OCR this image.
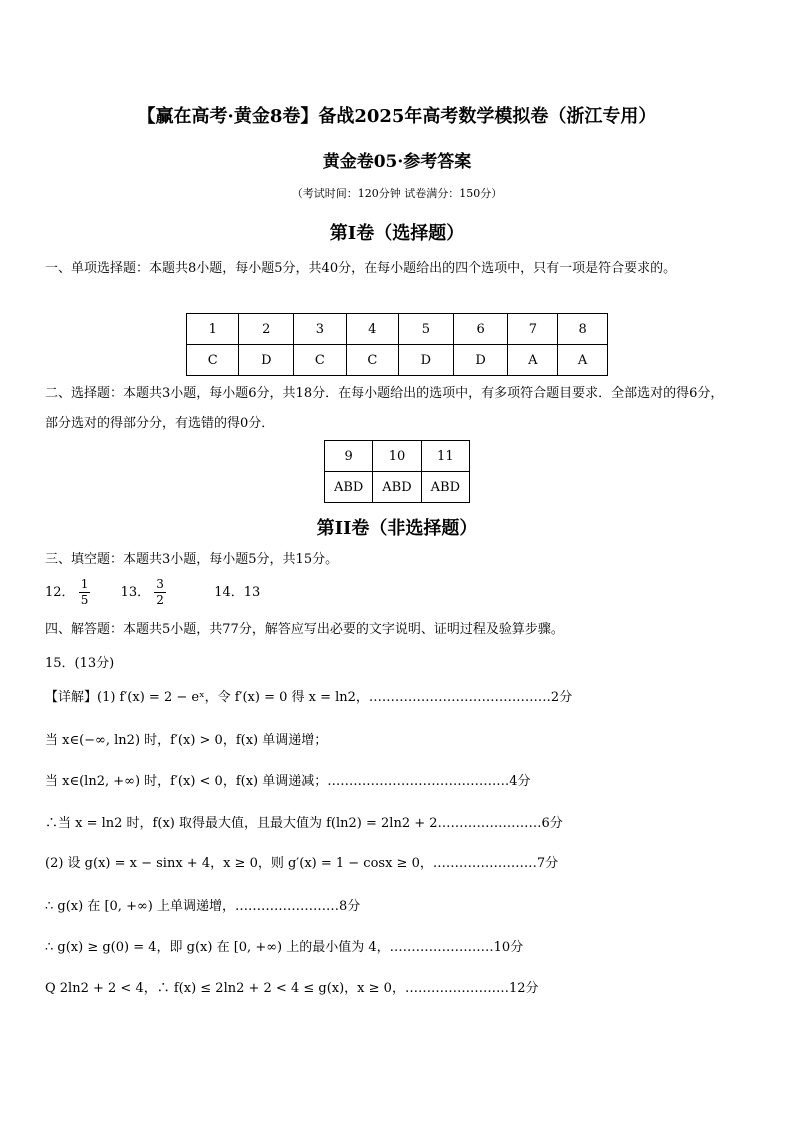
【赢在高考·黄金8卷】备战2025年高考数学模拟卷（浙江专用）
黄金卷05·参考答案
（考试时间：120分钟 试卷满分：150分）
第I卷（选择题）
一、单项选择题：本题共8小题，每小题5分，共40分，在每小题给出的四个选项中，只有一项是符合要求的。
1	2	3	4	5	6	7	8
C	D	C	C	D	D	A	A
二、选择题：本题共3小题，每小题6分，共18分．在每小题给出的选项中，有多项符合题目要求．全部选对的得6分，部分选对的得部分分，有选错的得0分．
9	10	11
ABD	ABD	ABD
第II卷（非选择题）
三、填空题：本题共3小题，每小题5分，共15分。
12． $\frac{1}{5} 13$． $\frac{3}{2}$	14．13
四、解答题：本题共5小题，共77分，解答应写出必要的文字说明、证明过程及验算步骤。
15．(13分)
【详解】(1) f′(x) = 2 − eˣ，令 f′(x) = 0 得 x = ln2，……………………………………2分
当 x∈(−∞, ln2) 时，f′(x) > 0，f(x) 单调递增；
当 x∈(ln2, +∞) 时，f′(x) < 0，f(x) 单调递减；……………………………………4分
∴当 x = ln2 时，f(x) 取得最大值，且最大值为 f(ln2) = 2ln2 + 2……………………6分
(2) 设 g(x) = x − sinx + 4，x ≥ 0，则 g′(x) = 1 − cosx ≥ 0，……………………7分
∴ g(x) 在 [0, +∞) 上单调递增，……………………8分
∴ g(x) ≥ g(0) = 4，即 g(x) 在 [0, +∞) 上的最小值为 4，……………………10分
Q 2ln2 + 2 < 4，∴ f(x) ≤ 2ln2 + 2 < 4 ≤ g(x)，x ≥ 0，……………………12分
